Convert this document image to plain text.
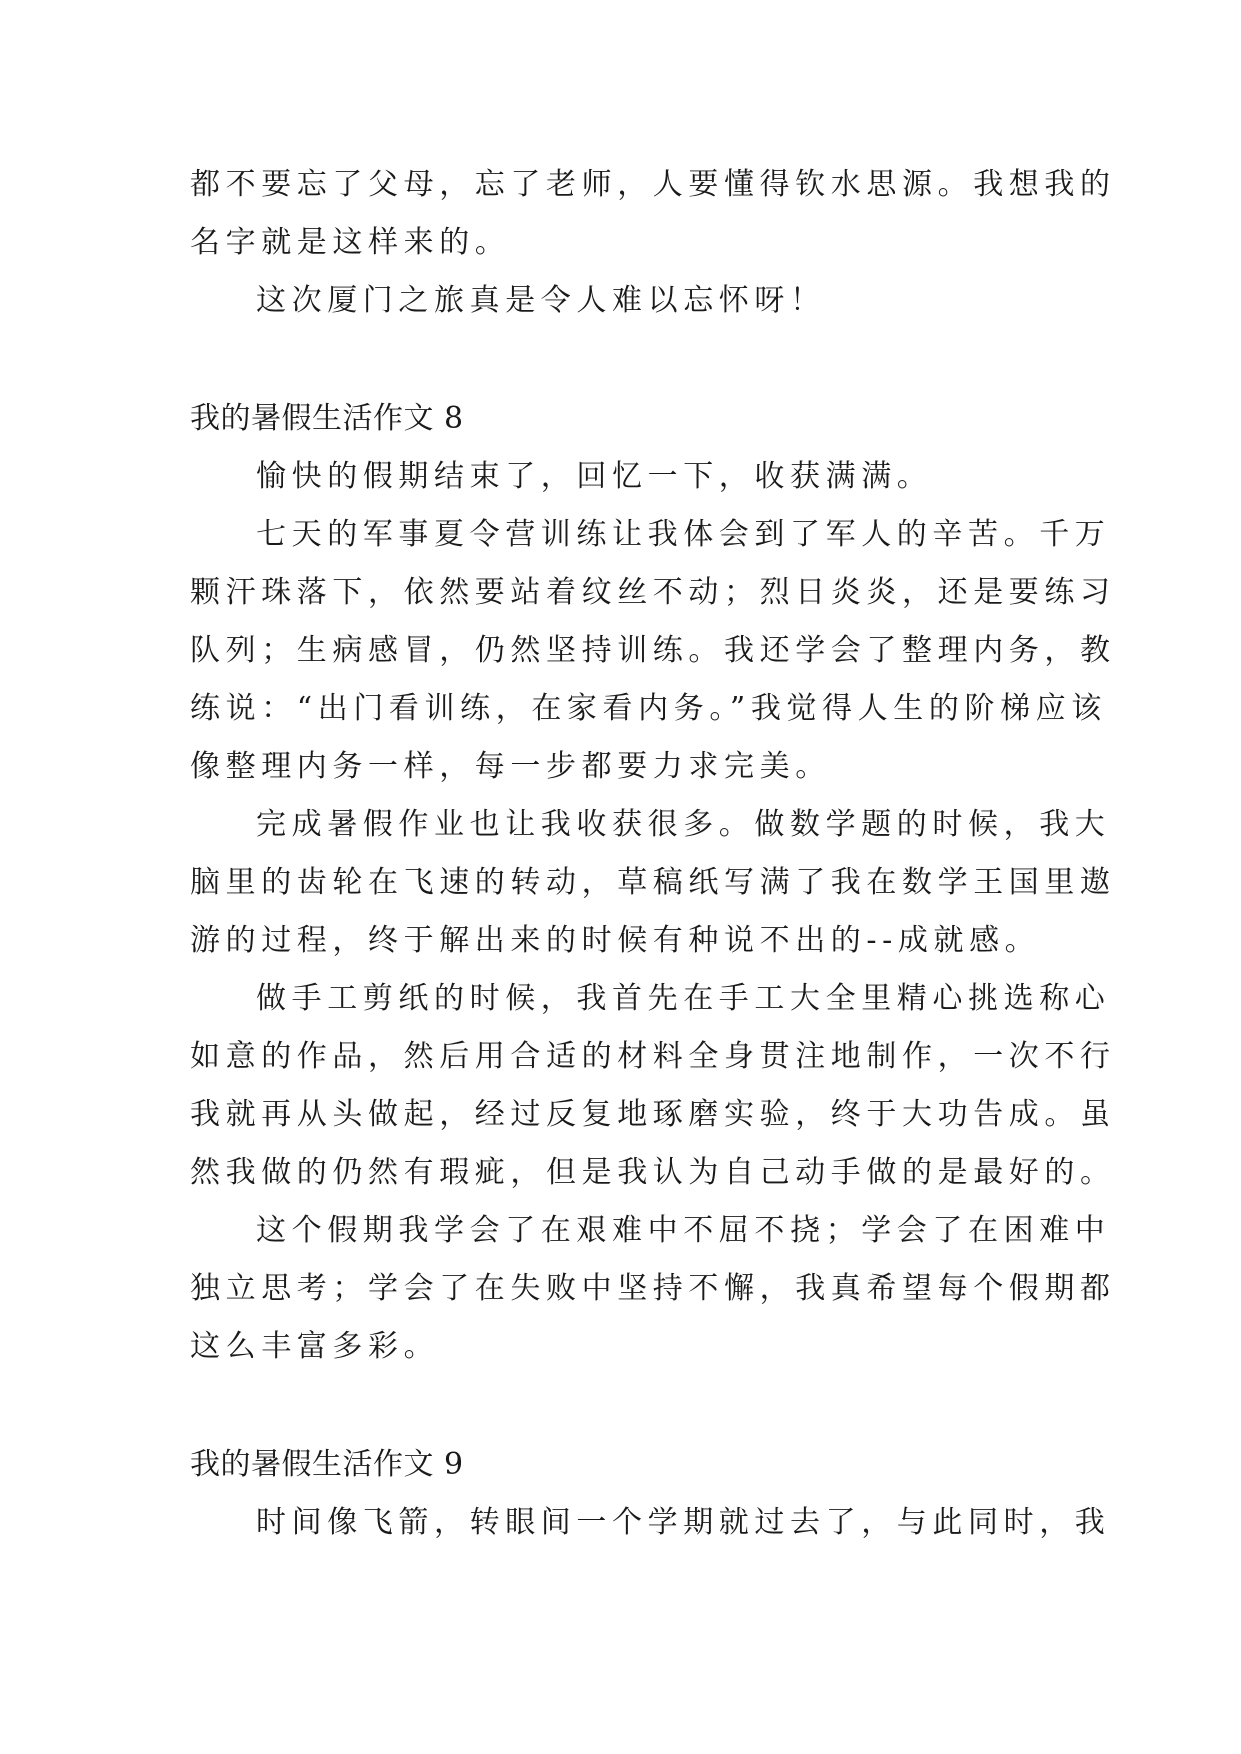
都不要忘了父母，忘了老师，人要懂得钦水思源。我想我的
名字就是这样来的。
这次厦门之旅真是令人难以忘怀呀！
我的暑假生活作文 8
愉快的假期结束了，回忆一下，收获满满。
七天的军事夏令营训练让我体会到了军人的辛苦。千万
颗汗珠落下，依然要站着纹丝不动；烈日炎炎，还是要练习
队列；生病感冒，仍然坚持训练。我还学会了整理内务，教
练说：“出门看训练，在家看内务。”我觉得人生的阶梯应该
像整理内务一样，每一步都要力求完美。
完成暑假作业也让我收获很多。做数学题的时候，我大
脑里的齿轮在飞速的转动，草稿纸写满了我在数学王国里遨
游的过程，终于解出来的时候有种说不出的--成就感。
做手工剪纸的时候，我首先在手工大全里精心挑选称心
如意的作品，然后用合适的材料全身贯注地制作，一次不行
我就再从头做起，经过反复地琢磨实验，终于大功告成。虽
然我做的仍然有瑕疵，但是我认为自己动手做的是最好的。
这个假期我学会了在艰难中不屈不挠；学会了在困难中
独立思考；学会了在失败中坚持不懈，我真希望每个假期都
这么丰富多彩。
我的暑假生活作文 9
时间像飞箭，转眼间一个学期就过去了，与此同时，我
